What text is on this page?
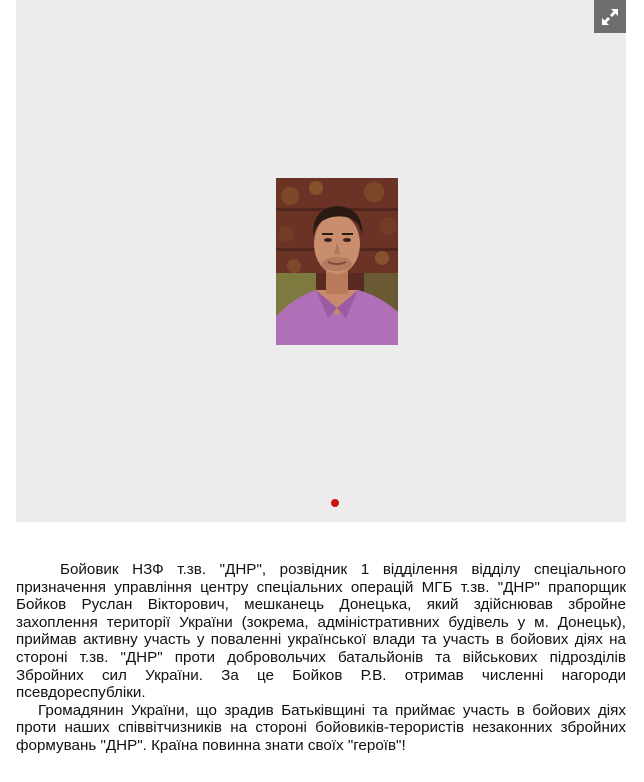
Бойовик НЗФ т.зв. "ДНР", розвідник 1 відділення відділу спеціального призначення управління центру спеціальних операцій МГБ т.зв. "ДНР" прапорщик Бойков Руслан Вікторович, мешканець Донецька, який здійснював збройне захоплення території України (зокрема, адміністративних будівель у м. Донецьк), приймав активну участь у поваленні української влади та участь в бойових діях на стороні т.зв. "ДНР" проти добровольчих батальйонів та військових підрозділів Збройних сил України. За це Бойков Р.В. отримав численні нагороди псевдореспубліки.

Громадянин України, що зрадив Батьківщині та приймає участь в бойових діях проти наших співвітчизників на стороні бойовиків-терористів незаконних збройних формувань "ДНР". Країна повинна знати своїх "героїв"!
